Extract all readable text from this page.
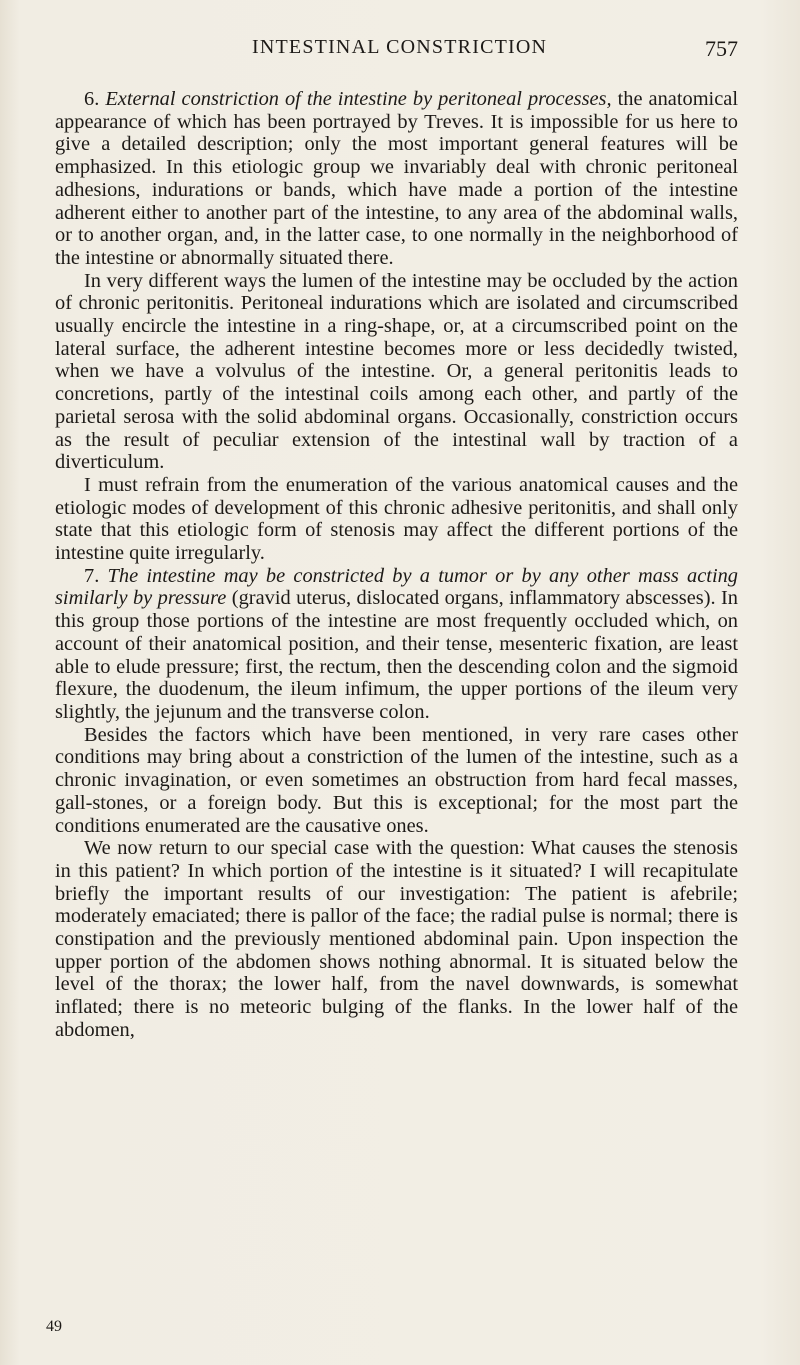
INTESTINAL CONSTRICTION	757

6. External constriction of the intestine by peritoneal processes, the anatomical appearance of which has been portrayed by Treves. It is impossible for us here to give a detailed description; only the most important general features will be emphasized. In this etiologic group we invariably deal with chronic peritoneal adhesions, indurations or bands, which have made a portion of the intestine adherent either to another part of the intestine, to any area of the abdominal walls, or to another organ, and, in the latter case, to one normally in the neighborhood of the intestine or abnormally situated there.

In very different ways the lumen of the intestine may be occluded by the action of chronic peritonitis. Peritoneal indurations which are isolated and circumscribed usually encircle the intestine in a ring-shape, or, at a circumscribed point on the lateral surface, the adherent intestine becomes more or less decidedly twisted, when we have a volvulus of the intestine. Or, a general peritonitis leads to concretions, partly of the intestinal coils among each other, and partly of the parietal serosa with the solid abdominal organs. Occasionally, constriction occurs as the result of peculiar extension of the intestinal wall by traction of a diverticulum.

I must refrain from the enumeration of the various anatomical causes and the etiologic modes of development of this chronic adhesive peritonitis, and shall only state that this etiologic form of stenosis may affect the different portions of the intestine quite irregularly.

7. The intestine may be constricted by a tumor or by any other mass acting similarly by pressure (gravid uterus, dislocated organs, inflammatory abscesses). In this group those portions of the intestine are most frequently occluded which, on account of their anatomical position, and their tense, mesenteric fixation, are least able to elude pressure; first, the rectum, then the descending colon and the sigmoid flexure, the duodenum, the ileum infimum, the upper portions of the ileum very slightly, the jejunum and the transverse colon.

Besides the factors which have been mentioned, in very rare cases other conditions may bring about a constriction of the lumen of the intestine, such as a chronic invagination, or even sometimes an obstruction from hard fecal masses, gall-stones, or a foreign body. But this is exceptional; for the most part the conditions enumerated are the causative ones.

We now return to our special case with the question: What causes the stenosis in this patient? In which portion of the intestine is it situated? I will recapitulate briefly the important results of our investigation: The patient is afebrile; moderately emaciated; there is pallor of the face; the radial pulse is normal; there is constipation and the previously mentioned abdominal pain. Upon inspection the upper portion of the abdomen shows nothing abnormal. It is situated below the level of the thorax; the lower half, from the navel downwards, is somewhat inflated; there is no meteoric bulging of the flanks. In the lower half of the abdomen,

49
